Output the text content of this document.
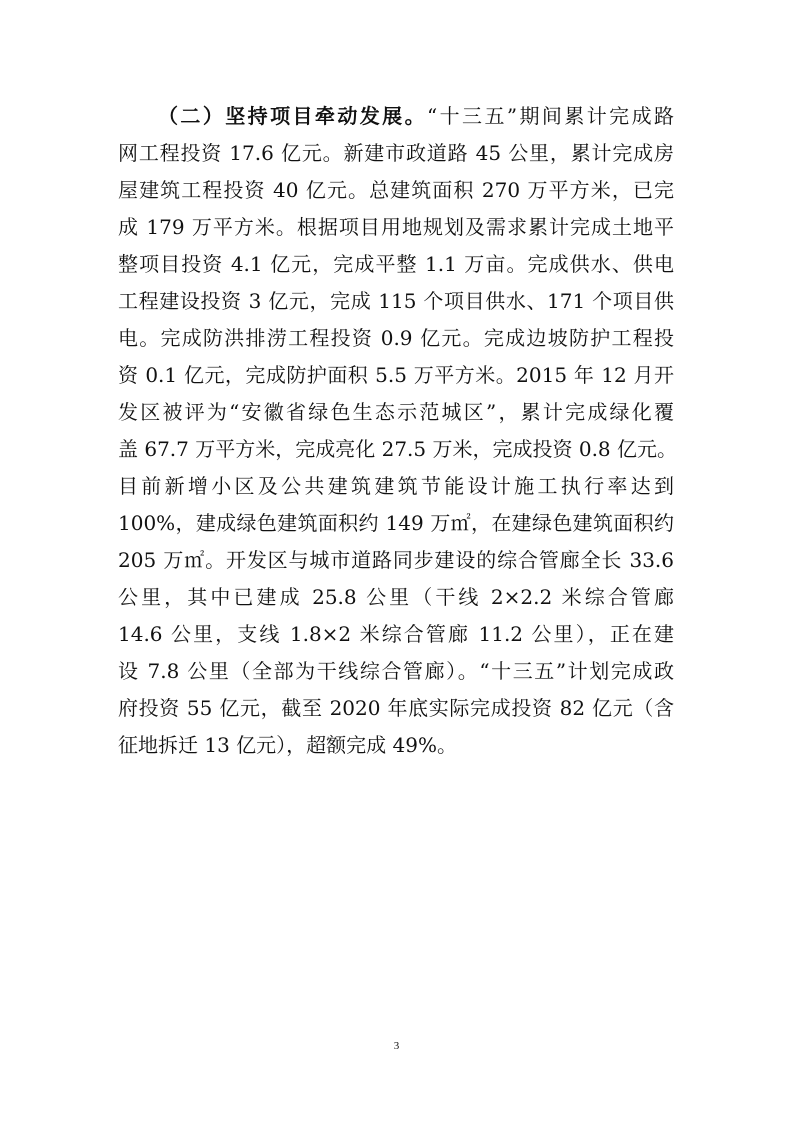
（二）坚持项目牵动发展。“十三五”期间累计完成路
网工程投资 17.6 亿元。新建市政道路 45 公里，累计完成房
屋建筑工程投资 40 亿元。总建筑面积 270 万平方米，已完
成 179 万平方米。根据项目用地规划及需求累计完成土地平
整项目投资 4.1 亿元，完成平整 1.1 万亩。完成供水、供电
工程建设投资 3 亿元，完成 115 个项目供水、171 个项目供
电。完成防洪排涝工程投资 0.9 亿元。完成边坡防护工程投
资 0.1 亿元，完成防护面积 5.5 万平方米。2015 年 12 月开
发区被评为“安徽省绿色生态示范城区”，累计完成绿化覆
盖 67.7 万平方米，完成亮化 27.5 万米，完成投资 0.8 亿元。
目前新增小区及公共建筑建筑节能设计施工执行率达到
100%，建成绿色建筑面积约 149 万㎡，在建绿色建筑面积约
205 万㎡。开发区与城市道路同步建设的综合管廊全长 33.6
公里，其中已建成 25.8 公里（干线 2×2.2 米综合管廊
14.6 公里，支线 1.8×2 米综合管廊 11.2 公里），正在建
设 7.8 公里（全部为干线综合管廊）。“十三五”计划完成政
府投资 55 亿元，截至 2020 年底实际完成投资 82 亿元（含
征地拆迁 13 亿元），超额完成 49%。
3
